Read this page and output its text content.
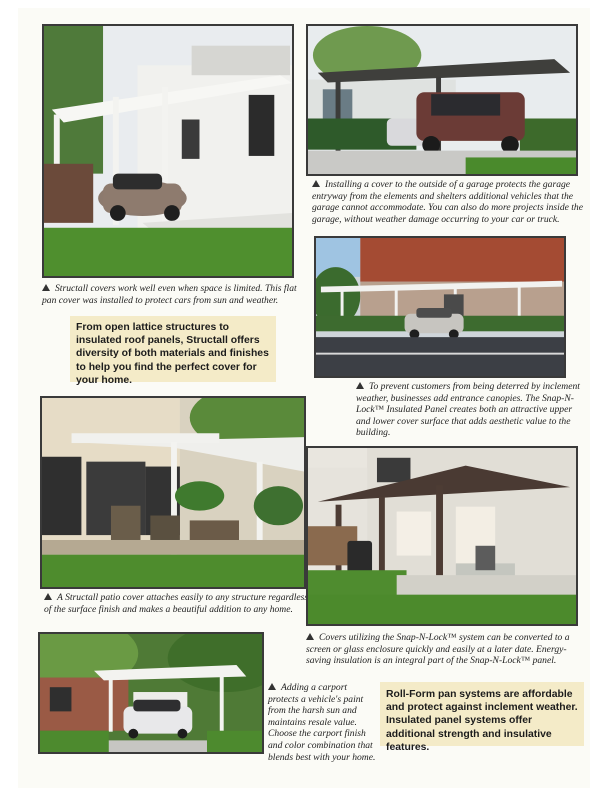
Structall covers work well even when space is limited. This flat pan cover was installed to protect cars from sun and weather.
Installing a cover to the outside of a garage protects the garage entryway from the elements and shelters additional vehicles that the garage cannot accommodate. You can also do more projects inside the garage, without weather damage occurring to your car or truck.
From open lattice structures to insulated roof panels, Structall offers diversity of both materials and finishes to help you find the perfect cover for your home.
To prevent customers from being deterred by inclement weather, businesses add entrance canopies. The Snap-N-Lock™ Insulated Panel creates both an attractive upper and lower cover surface that adds aesthetic value to the building.
A Structall patio cover attaches easily to any structure regardless of the surface finish and makes a beautiful addition to any home.
Covers utilizing the Snap-N-Lock™ system can be converted to a screen or glass enclosure quickly and easily at a later date. Energy-saving insulation is an integral part of the Snap-N-Lock™ panel.
Adding a carport protects a vehicle's paint from the harsh sun and maintains resale value. Choose the carport finish and color combination that blends best with your home.
Roll-Form pan systems are affordable and protect against inclement weather. Insulated panel systems offer additional strength and insulative features.
